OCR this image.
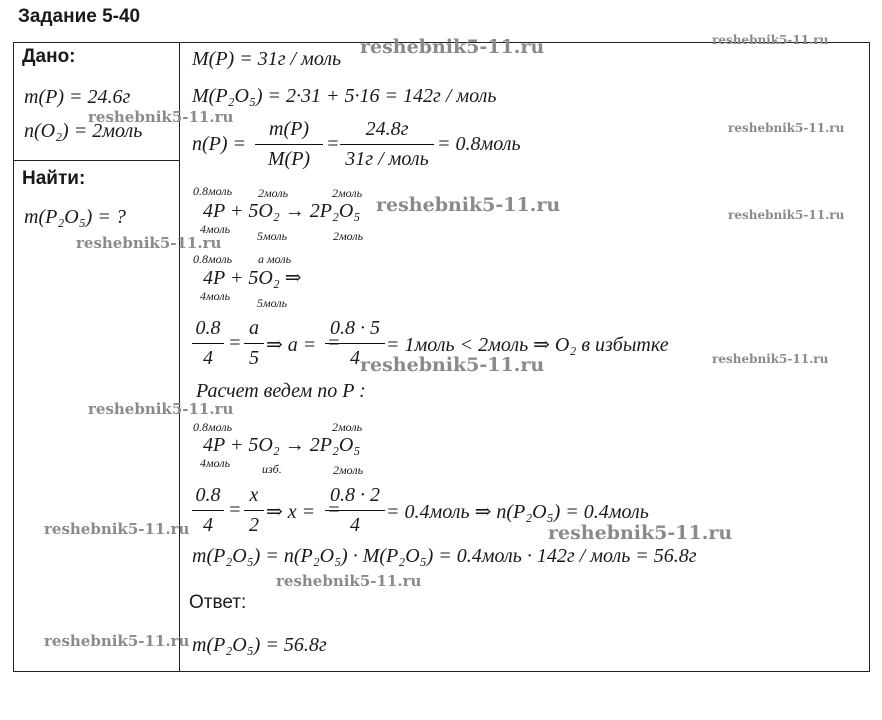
Задание 5-40
Дано:
m(P) = 24.6г
n(O₂) = 2моль
Найти:
m(P₂O₅) = ?
M(P) = 31г / моль
M(P₂O₅) = 2·31 + 5·16 = 142г / моль
n(P) =
m(P)
M(P)
=
24.8г
31г / моль
= 0.8моль
0.8моль 2моль	2моль
4P + 5O₂ → 2P₂O₅
4моль 5моль	2моль
0.8моль a моль
4P + 5O₂ ⇒
4моль 5моль
0.8
4
=
a
5
⇒ a = =
0.8 · 5
4
= 1моль < 2моль ⇒ O₂ в избытке
Расчет ведем по P :
0.8моль	2моль
4P + 5O₂ → 2P₂O₅
4моль	изб.	2моль
0.8
4
=
x
2
⇒ x = =
0.8 · 2
4
= 0.4моль ⇒ n(P₂O₅) = 0.4моль
m(P₂O₅) = n(P₂O₅) · M(P₂O₅) = 0.4моль · 142г / моль = 56.8г
Ответ:
m(P₂O₅) = 56.8г
reshebnik5-11.ru	reshebnik5-11.ru
reshebnik5-11.ru
reshebnik5-11.ru
reshebnik5-11.ru	reshebnik5-11.ru
reshebnik5-11.ru
reshebnik5-11.ru	reshebnik5-11.ru
reshebnik5-11.ru
reshebnik5-11.ru	reshebnik5-11.ru
reshebnik5-11.ru
reshebnik5-11.ru
